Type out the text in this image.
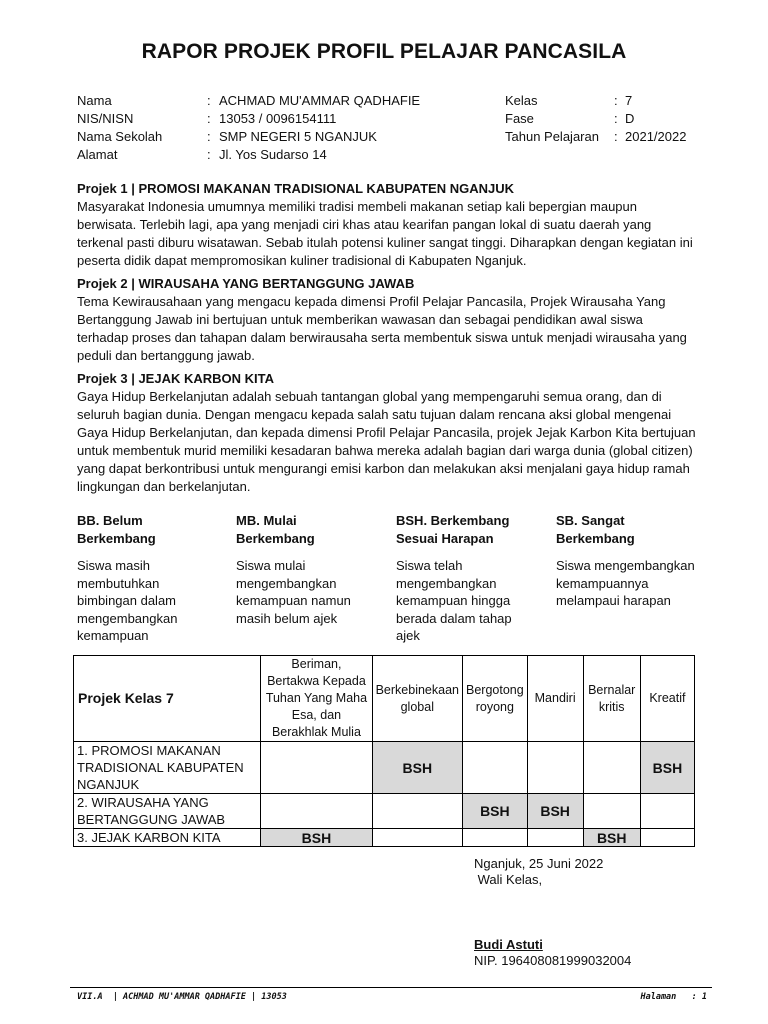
RAPOR PROJEK PROFIL PELAJAR PANCASILA
Nama	: ACHMAD MU'AMMAR QADHAFIE	Kelas	: 7
NIS/NISN	: 13053 / 0096154111	Fase	: D
Nama Sekolah	: SMP NEGERI 5 NGANJUK	Tahun Pelajaran : 2021/2022
Alamat	: Jl. Yos Sudarso 14

Projek 1 | PROMOSI MAKANAN TRADISIONAL KABUPATEN NGANJUK

Masyarakat Indonesia umumnya memiliki tradisi membeli makanan setiap kali bepergian maupun berwisata. Terlebih lagi, apa yang menjadi ciri khas atau kearifan pangan lokal di suatu daerah yang terkenal pasti diburu wisatawan. Sebab itulah potensi kuliner sangat tinggi. Diharapkan dengan kegiatan ini peserta didik dapat mempromosikan kuliner tradisional di Kabupaten Nganjuk.

Projek 2 | WIRAUSAHA YANG BERTANGGUNG JAWAB

Tema Kewirausahaan yang mengacu kepada dimensi Profil Pelajar Pancasila, Projek Wirausaha Yang Bertanggung Jawab ini bertujuan untuk memberikan wawasan dan sebagai pendidikan awal siswa terhadap proses dan tahapan dalam berwirausaha serta membentuk siswa untuk menjadi wirausaha yang peduli dan bertanggung jawab.

Projek 3 | JEJAK KARBON KITA

Gaya Hidup Berkelanjutan adalah sebuah tantangan global yang mempengaruhi semua orang, dan di seluruh bagian dunia. Dengan mengacu kepada salah satu tujuan dalam rencana aksi global mengenai Gaya Hidup Berkelanjutan, dan kepada dimensi Profil Pelajar Pancasila, projek Jejak Karbon Kita bertujuan untuk membentuk murid memiliki kesadaran bahwa mereka adalah bagian dari warga dunia (global citizen) yang dapat berkontribusi untuk mengurangi emisi karbon dan melakukan aksi menjalani gaya hidup ramah lingkungan dan berkelanjutan.

BB. Belum Berkembang
Siswa masih membutuhkan bimbingan dalam mengembangkan kemampuan
MB. Mulai Berkembang
Siswa mulai mengembangkan kemampuan namun masih belum ajek
BSH. Berkembang Sesuai Harapan
Siswa telah mengembangkan kemampuan hingga berada dalam tahap ajek
SB. Sangat Berkembang
Siswa mengembangkan kemampuannya melampaui harapan
Projek Kelas 7	Beriman, Bertakwa Kepada Tuhan Yang Maha Esa, dan Berakhlak Mulia	Berkebinekaan global	Bergotong royong	Mandiri	Bernalar kritis	Kreatif
1. PROMOSI MAKANAN TRADISIONAL KABUPATEN NGANJUK		BSH				BSH
2. WIRAUSAHA YANG BERTANGGUNG JAWAB			BSH	BSH		
3. JEJAK KARBON KITA	BSH				BSH	
Nganjuk, 25 Juni 2022
Wali Kelas,
Budi Astuti
NIP. 196408081999032004
VII.A  | ACHMAD MU'AMMAR QADHAFIE | 13053	Halaman   : 1
